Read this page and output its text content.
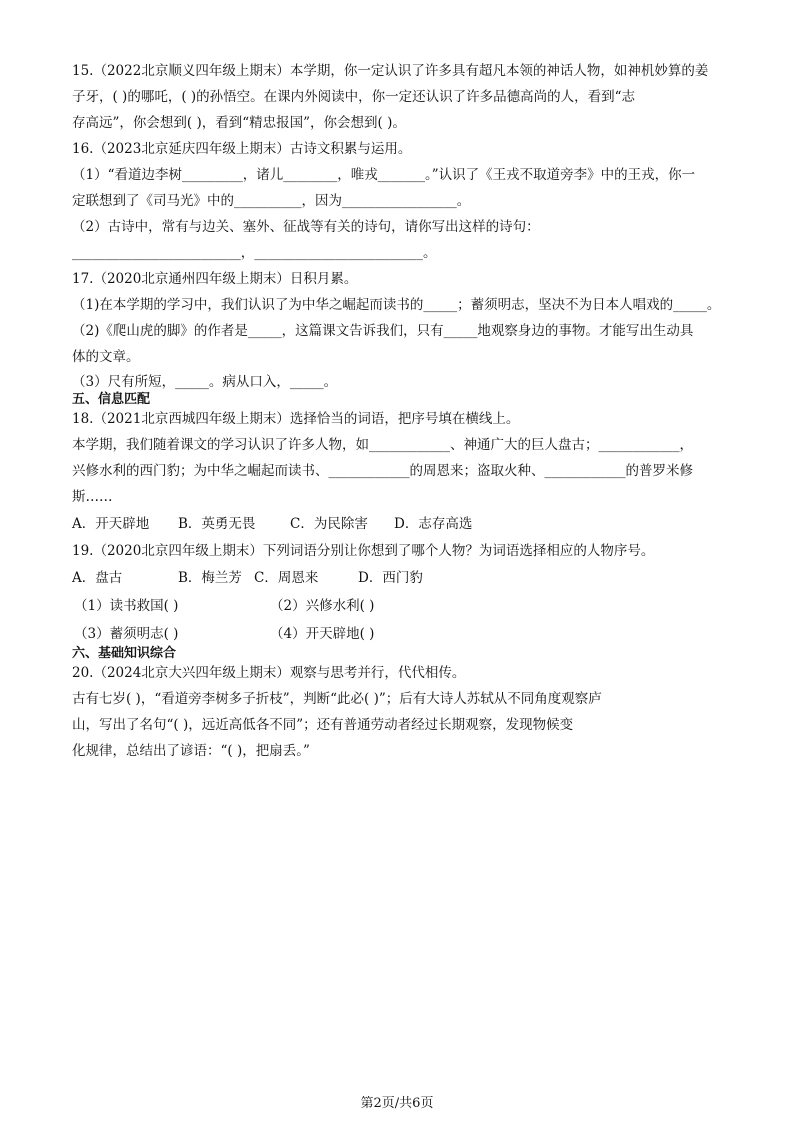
15.（2022北京顺义四年级上期末）本学期，你一定认识了许多具有超凡本领的神话人物，如神机妙算的姜
子牙，( )的哪吒，( )的孙悟空。在课内外阅读中，你一定还认识了许多品德高尚的人，看到“志
存高远”，你会想到( )，看到“精忠报国”，你会想到( )。
16.（2023北京延庆四年级上期末）古诗文积累与运用。
（1）“看道边李树_________，诸儿________，唯戎_______。”认识了《王戎不取道旁李》中的王戎，你一
定联想到了《司马光》中的__________，因为_________________。
（2）古诗中，常有与边关、塞外、征战等有关的诗句，请你写出这样的诗句：
_________________________，_________________________。
17.（2020北京通州四年级上期末）日积月累。
（1)在本学期的学习中，我们认识了为中华之崛起而读书的_____；蓄须明志，坚决不为日本人唱戏的_____。
（2)《爬山虎的脚》的作者是_____，这篇课文告诉我们，只有_____地观察身边的事物。才能写出生动具
体的文章。
（3）尺有所短，_____。病从口入，_____。
五、信息匹配
18.（2021北京西城四年级上期末）选择恰当的词语，把序号填在横线上。
本学期，我们随着课文的学习认识了许多人物，如____________、神通广大的巨人盘古；____________，
兴修水利的西门豹；为中华之崛起而读书、____________的周恩来；盗取火种、____________的普罗米修
斯……
A．开天辟地	B．英勇无畏	C．为民除害	D．志存高选
19.（2020北京四年级上期末）下列词语分别让你想到了哪个人物？为词语选择相应的人物序号。
A．盘古	B．梅兰芳 C．周恩来	D．西门豹
（1）读书救国( )	（2）兴修水利( )
（3）蓄须明志( )	（4）开天辟地( )
六、基础知识综合
20.（2024北京大兴四年级上期末）观察与思考并行，代代相传。
古有七岁( )，“看道旁李树多子折枝”，判断“此必( )”；后有大诗人苏轼从不同角度观察庐
山，写出了名句“( )，远近高低各不同”；还有普通劳动者经过长期观察，发现物候变
化规律，总结出了谚语：“( )，把扇丢。”
第2页/共6页
